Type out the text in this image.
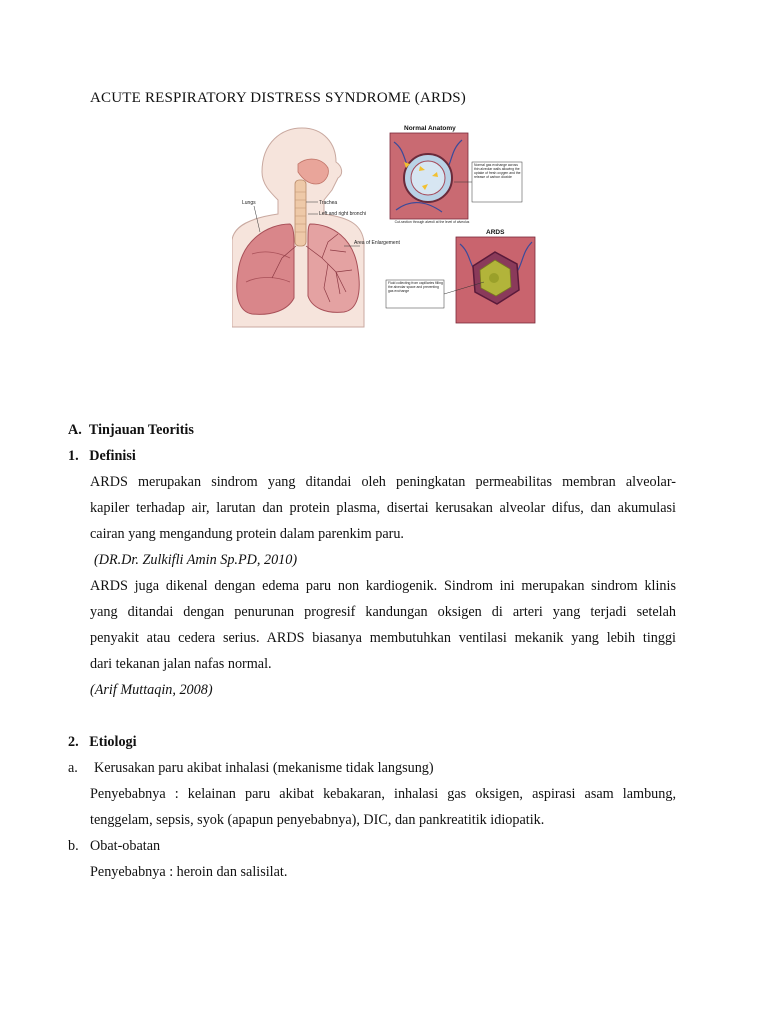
ACUTE RESPIRATORY DISTRESS SYNDROME (ARDS)
Lungs	Trachea
Left and right bronchi
Area of Enlargement
Normal Anatomy
Normal gas exchange across thin alveolar walls allowing the uptake of fresh oxygen and the release of carbon dioxide
Cut-section through alveoli at the level of alveolus
ARDS
Fluid collecting from capillaries filling the alveolar space and preventing gas exchange

A.  Tinjauan Teoritis

1.   Definisi

ARDS merupakan sindrom yang ditandai oleh peningkatan permeabilitas membran alveolar-
kapiler terhadap air, larutan dan protein plasma, disertai kerusakan alveolar difus, dan akumulasi
cairan yang mengandung protein dalam parenkim paru.

(DR.Dr. Zulkifli Amin Sp.PD, 2010)

ARDS juga dikenal dengan edema paru non kardiogenik. Sindrom ini merupakan sindrom klinis
yang ditandai dengan penurunan progresif kandungan oksigen di arteri yang terjadi setelah
penyakit atau cedera serius. ARDS biasanya membutuhkan ventilasi mekanik yang lebih tinggi
dari tekanan jalan nafas normal.

(Arif Muttaqin, 2008)

2.   Etiologi

a. Kerusakan paru akibat inhalasi (mekanisme tidak langsung)

Penyebabnya : kelainan paru akibat kebakaran, inhalasi gas oksigen, aspirasi asam lambung,
tenggelam, sepsis, syok (apapun penyebabnya), DIC, dan pankreatitik idiopatik.

b. Obat-obatan

Penyebabnya : heroin dan salisilat.
